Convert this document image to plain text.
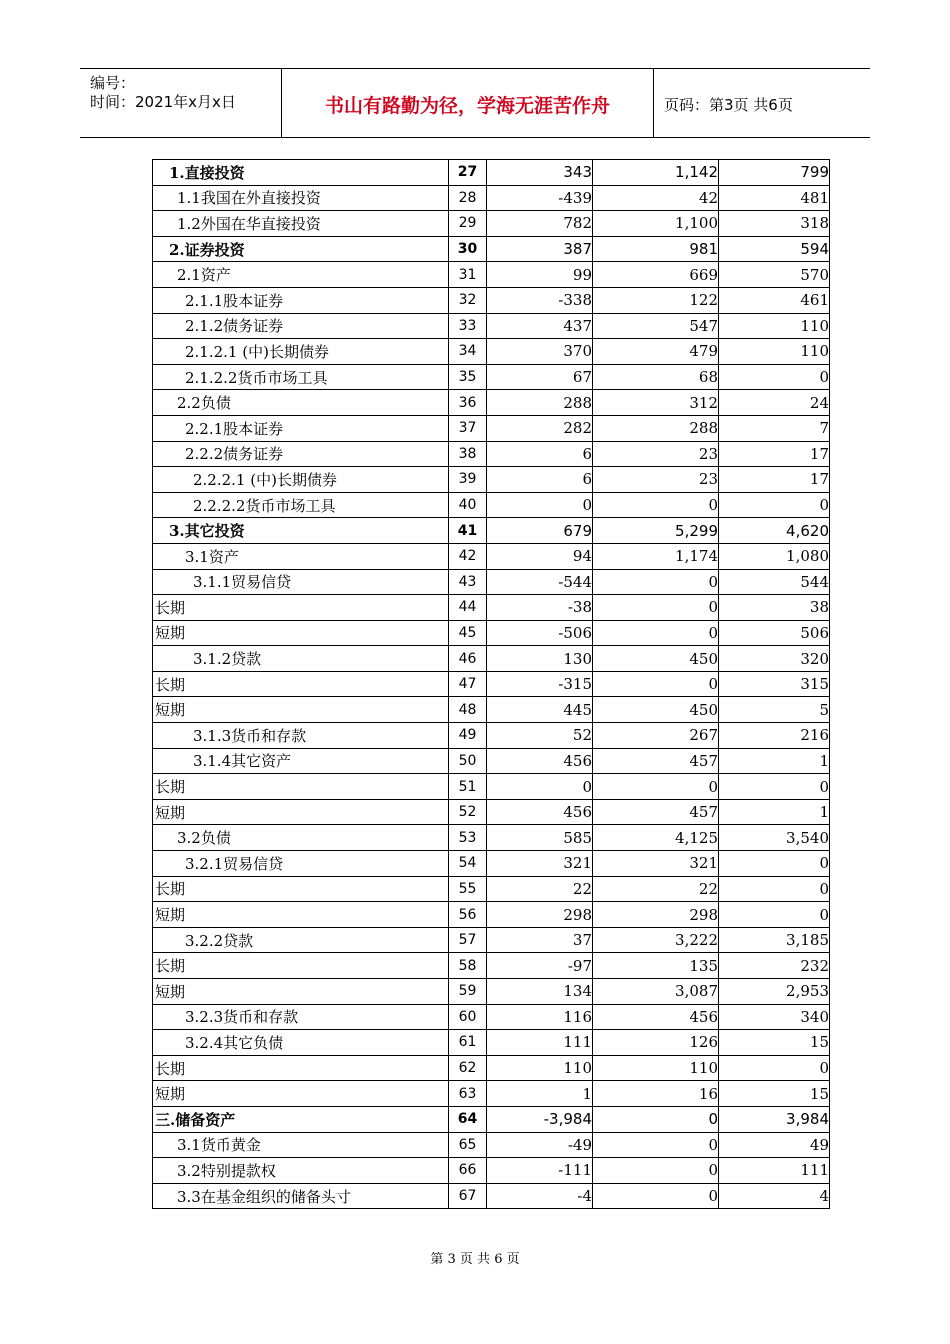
编号：
时间：2021年x月x日	书山有路勤为径，学海无涯苦作舟	页码：第3页 共6页
1.直接投资	27	343	1,142	799
1.1我国在外直接投资	28	-439	42	481
1.2外国在华直接投资	29	782	1,100	318
2.证券投资	30	387	981	594
2.1资产	31	99	669	570
2.1.1股本证券	32	-338	122	461
2.1.2债务证券	33	437	547	110
2.1.2.1 (中)长期债券	34	370	479	110
2.1.2.2货币市场工具	35	67	68	0
2.2负债	36	288	312	24
2.2.1股本证券	37	282	288	7
2.2.2债务证券	38	6	23	17
2.2.2.1 (中)长期债券	39	6	23	17
2.2.2.2货币市场工具	40	0	0	0
3.其它投资	41	679	5,299	4,620
3.1资产	42	94	1,174	1,080
3.1.1贸易信贷	43	-544	0	544
长期	44	-38	0	38
短期	45	-506	0	506
3.1.2贷款	46	130	450	320
长期	47	-315	0	315
短期	48	445	450	5
3.1.3货币和存款	49	52	267	216
3.1.4其它资产	50	456	457	1
长期	51	0	0	0
短期	52	456	457	1
3.2负债	53	585	4,125	3,540
3.2.1贸易信贷	54	321	321	0
长期	55	22	22	0
短期	56	298	298	0
3.2.2贷款	57	37	3,222	3,185
长期	58	-97	135	232
短期	59	134	3,087	2,953
3.2.3货币和存款	60	116	456	340
3.2.4其它负债	61	111	126	15
长期	62	110	110	0
短期	63	1	16	15
三.储备资产	64	-3,984	0	3,984
3.1货币黄金	65	-49	0	49
3.2特别提款权	66	-111	0	111
3.3在基金组织的储备头寸	67	-4	0	4
第 3 页 共 6 页
